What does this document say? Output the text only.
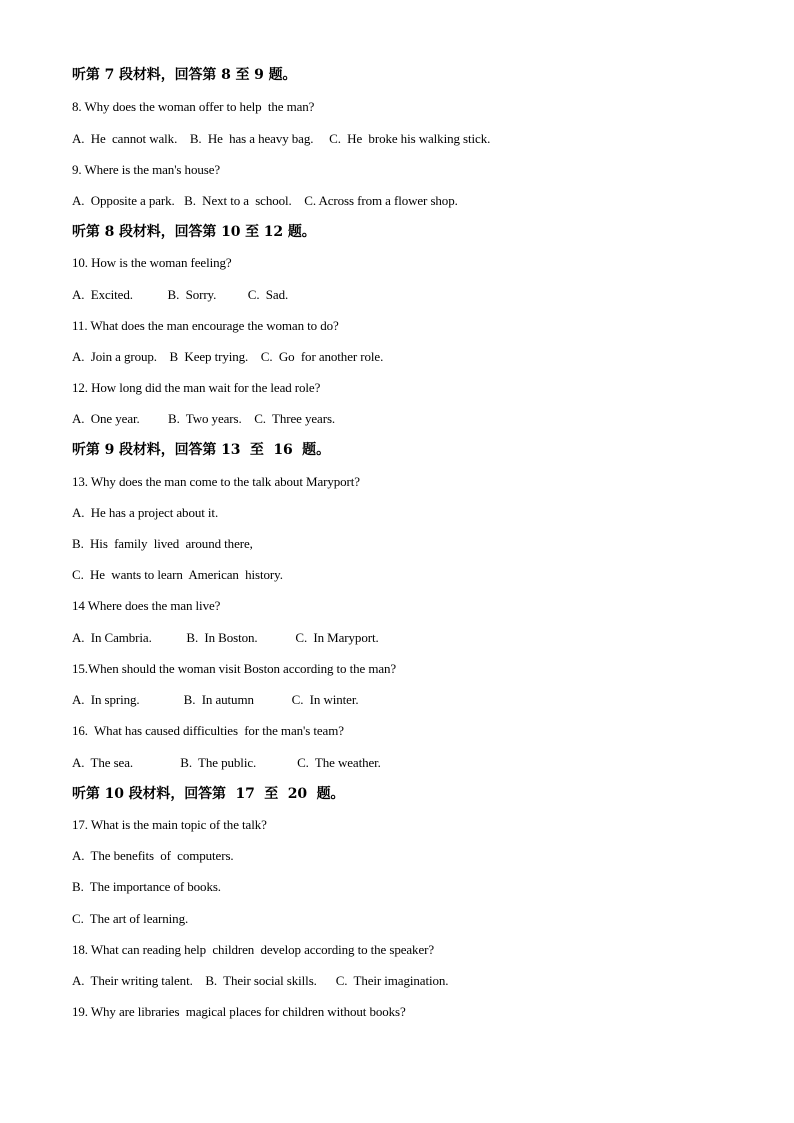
听第 7 段材料，回答第 8 至 9 题。
8. Why does the woman offer to help  the man?
A.  He  cannot walk.    B.  He  has a heavy bag.     C.  He  broke his walking stick.
9. Where is the man's house?
A.  Opposite a park.   B.  Next to a  school.    C. Across from a flower shop.
听第 8 段材料，回答第 10 至 12 题。
10. How is the woman feeling?
A.  Excited.           B.  Sorry.          C.  Sad.
11. What does the man encourage the woman to do?
A.  Join a group.    B  Keep trying.    C.  Go  for another role.
12. How long did the man wait for the lead role?
A.  One year.         B.  Two years.    C.  Three years.
听第 9 段材料，回答第 13  至  16  题。
13. Why does the man come to the talk about Maryport?
A.  He has a project about it.
B.  His  family  lived  around there,
C.  He  wants to learn  American  history.
14 Where does the man live?
A.  In Cambria.           B.  In Boston.            C.  In Maryport.
15.When should the woman visit Boston according to the man?
A.  In spring.              B.  In autumn            C.  In winter.
16.  What has caused difficulties  for the man's team?
A.  The sea.               B.  The public.             C.  The weather.
听第 10 段材料，回答第  17  至  20  题。
17. What is the main topic of the talk?
A.  The benefits  of  computers.
B.  The importance of books.
C.  The art of learning.
18. What can reading help  children  develop according to the speaker?
A.  Their writing talent.    B.  Their social skills.      C.  Their imagination.
19. Why are libraries  magical places for children without books?
